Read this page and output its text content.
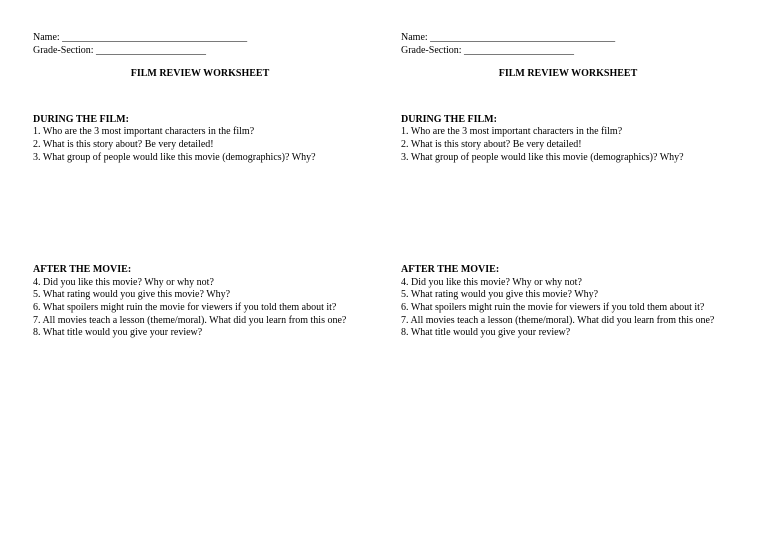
Name: _____________________________________
Grade-Section: ______________________
FILM REVIEW WORKSHEET
DURING THE FILM:
1. Who are the 3 most important characters in the film?
2. What is this story about? Be very detailed!
3. What group of people would like this movie (demographics)? Why?
AFTER THE MOVIE:
4. Did you like this movie? Why or why not?
5. What rating would you give this movie? Why?
6. What spoilers might ruin the movie for viewers if you told them about it?
7. All movies teach a lesson (theme/moral). What did you learn from this one?
8. What title would you give your review?
Name: _____________________________________
Grade-Section: ______________________
FILM REVIEW WORKSHEET
DURING THE FILM:
1. Who are the 3 most important characters in the film?
2. What is this story about? Be very detailed!
3. What group of people would like this movie (demographics)? Why?
AFTER THE MOVIE:
4. Did you like this movie? Why or why not?
5. What rating would you give this movie? Why?
6. What spoilers might ruin the movie for viewers if you told them about it?
7. All movies teach a lesson (theme/moral). What did you learn from this one?
8. What title would you give your review?
